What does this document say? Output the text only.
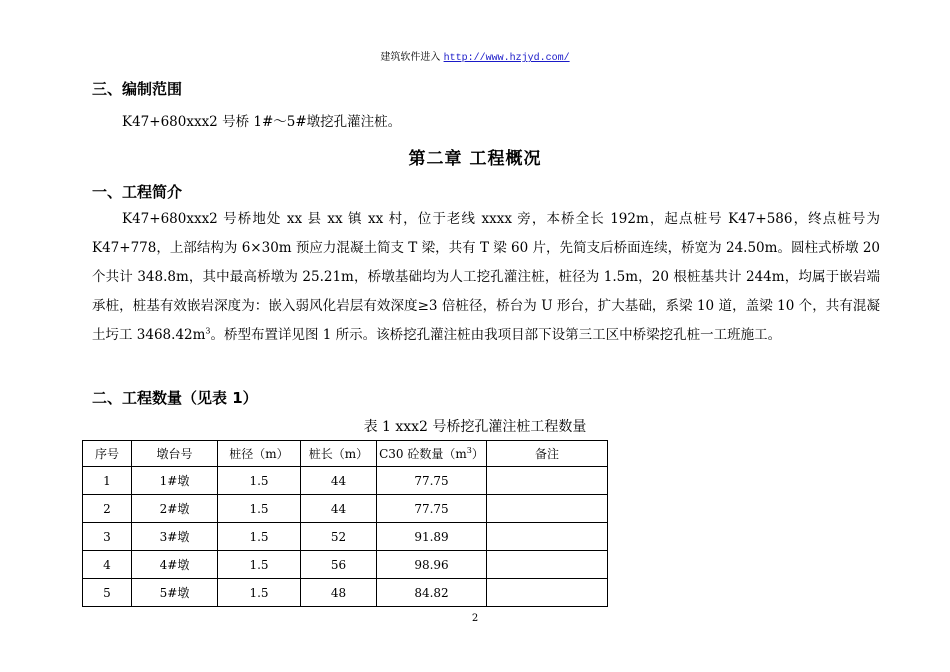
建筑软件进入 http://www.hzjyd.com/
三、编制范围
K47+680xxx2 号桥 1#～5#墩挖孔灌注桩。
第二章 工程概况
一、工程简介
K47+680xxx2 号桥地处 xx 县 xx 镇 xx 村，位于老线 xxxx 旁，本桥全长 192m，起点桩号 K47+586，终点桩号为 K47+778，上部结构为 6×30m 预应力混凝土简支 T 梁，共有 T 梁 60 片，先简支后桥面连续，桥宽为 24.50m。圆柱式桥墩 20 个共计 348.8m，其中最高桥墩为 25.21m，桥墩基础均为人工挖孔灌注桩，桩径为 1.5m，20 根桩基共计 244m，均属于嵌岩端承桩，桩基有效嵌岩深度为：嵌入弱风化岩层有效深度≥3 倍桩径，桥台为 U 形台，扩大基础，系梁 10 道，盖梁 10 个，共有混凝土圬工 $3468.42m^3$。桥型布置详见图 1 所示。该桥挖孔灌注桩由我项目部下设第三工区中桥梁挖孔桩一工班施工。
二、工程数量（见表 1）
表 1 xxx2 号桥挖孔灌注桩工程数量
序号	墩台号	桩径（m）	桩长（m）	C30 砼数量$(m^3)$	备注
1	1#墩	1.5	44	77.75	
2	2#墩	1.5	44	77.75	
3	3#墩	1.5	52	91.89	
4	4#墩	1.5	56	98.96	
5	5#墩	1.5	48	84.82	
2
